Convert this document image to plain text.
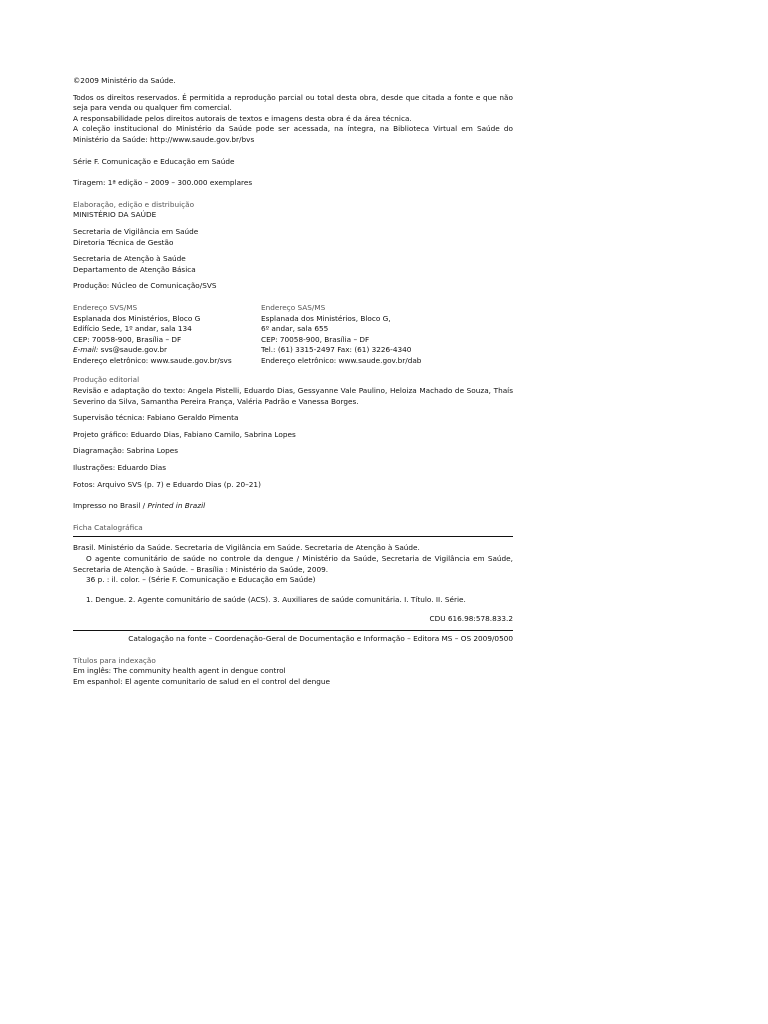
©2009 Ministério da Saúde.

Todos os direitos reservados. É permitida a reprodução parcial ou total desta obra, desde que citada a fonte e que não seja para venda ou qualquer fim comercial.

A responsabilidade pelos direitos autorais de textos e imagens desta obra é da área técnica.

A coleção institucional do Ministério da Saúde pode ser acessada, na íntegra, na Biblioteca Virtual em Saúde do Ministério da Saúde: http://www.saude.gov.br/bvs

Série F. Comunicação e Educação em Saúde

Tiragem: 1ª edição – 2009 – 300.000 exemplares

Elaboração, edição e distribuição

MINISTÉRIO DA SAÚDE

Secretaria de Vigilância em Saúde

Diretoria Técnica de Gestão

Secretaria de Atenção à Saúde

Departamento de Atenção Básica

Produção: Núcleo de Comunicação/SVS

Endereço SVS/MS

Esplanada dos Ministérios, Bloco G

Edifício Sede, 1º andar, sala 134

CEP: 70058-900, Brasília – DF

E-mail: svs@saude.gov.br

Endereço eletrônico: www.saude.gov.br/svs

Endereço SAS/MS

Esplanada dos Ministérios, Bloco G,

6º andar, sala 655

CEP: 70058-900, Brasília – DF

Tel.: (61) 3315-2497 Fax: (61) 3226-4340

Endereço eletrônico: www.saude.gov.br/dab

Produção editorial

Revisão e adaptação do texto: Angela Pistelli, Eduardo Dias, Gessyanne Vale Paulino, Heloiza Machado de Souza, Thaís Severino da Silva, Samantha Pereira França, Valéria Padrão e Vanessa Borges.

Supervisão técnica: Fabiano Geraldo Pimenta

Projeto gráfico: Eduardo Dias, Fabiano Camilo, Sabrina Lopes

Diagramação: Sabrina Lopes

Ilustrações: Eduardo Dias

Fotos: Arquivo SVS (p. 7) e Eduardo Dias (p. 20–21)

Impresso no Brasil / Printed in Brazil

Ficha Catalográfica

Brasil. Ministério da Saúde. Secretaria de Vigilância em Saúde. Secretaria de Atenção à Saúde.

O agente comunitário de saúde no controle da dengue / Ministério da Saúde, Secretaria de Vigilância em Saúde, Secretaria de Atenção à Saúde. – Brasília : Ministério da Saúde, 2009.

36 p. : il. color. – (Série F. Comunicação e Educação em Saúde)

1. Dengue. 2. Agente comunitário de saúde (ACS). 3. Auxiliares de saúde comunitária. I. Título. II. Série.

CDU 616.98:578.833.2

Catalogação na fonte – Coordenação-Geral de Documentação e Informação – Editora MS – OS 2009/0500

Títulos para indexação

Em inglês: The community health agent in dengue control

Em espanhol: El agente comunitario de salud en el control del dengue
